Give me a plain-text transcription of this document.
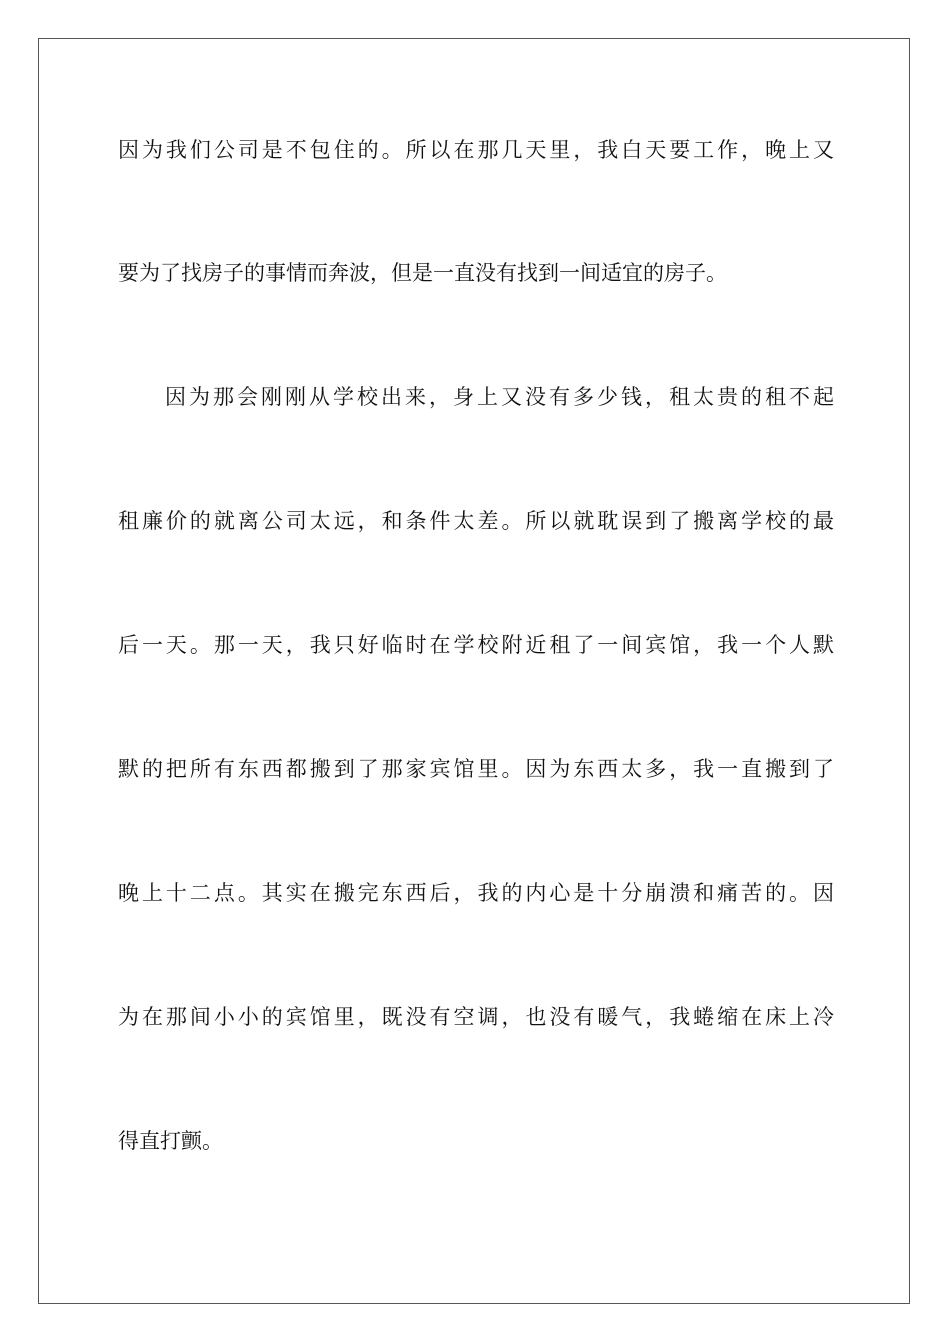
因为我们公司是不包住的。所以在那几天里，我白天要工作，晚上又
要为了找房子的事情而奔波，但是一直没有找到一间适宜的房子。
因为那会刚刚从学校出来，身上又没有多少钱，租太贵的租不起
租廉价的就离公司太远，和条件太差。所以就耽误到了搬离学校的最
后一天。那一天，我只好临时在学校附近租了一间宾馆，我一个人默
默的把所有东西都搬到了那家宾馆里。因为东西太多，我一直搬到了
晚上十二点。其实在搬完东西后，我的内心是十分崩溃和痛苦的。因
为在那间小小的宾馆里，既没有空调，也没有暖气，我蜷缩在床上冷
得直打颤。
